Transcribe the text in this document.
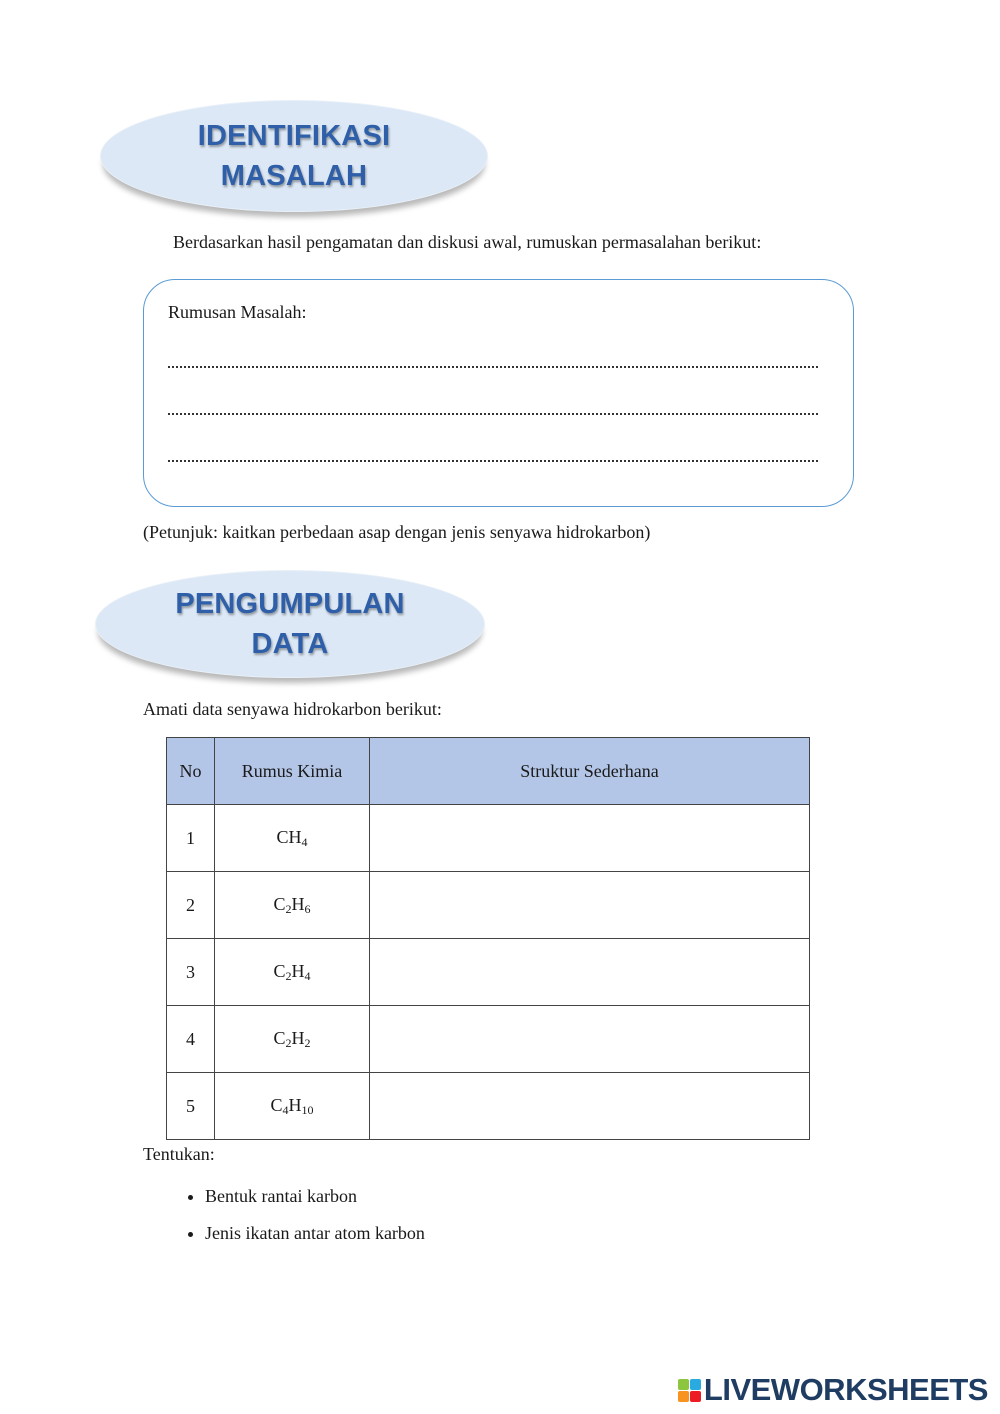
IDENTIFIKASI
MASALAH
Berdasarkan hasil pengamatan dan diskusi awal, rumuskan permasalahan berikut:
Rumusan Masalah:
(Petunjuk: kaitkan perbedaan asap dengan jenis senyawa hidrokarbon)
PENGUMPULAN
DATA
Amati data senyawa hidrokarbon berikut:
No	Rumus Kimia	Struktur Sederhana
1	$CH_4$	
2	$C_2H_6$	
3	$C_2H_4$	
4	$C_2H_2$	
5	$C_4H_{10}$	
Tentukan:
• Bentuk rantai karbon
• Jenis ikatan antar atom karbon
LIVEWORKSHEETS
